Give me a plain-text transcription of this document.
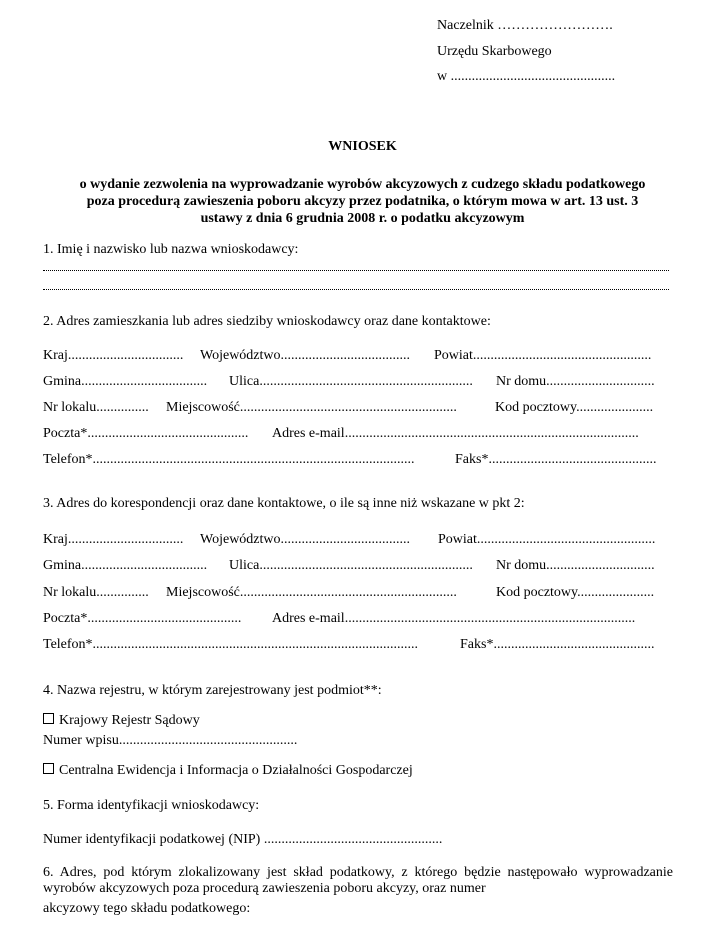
Naczelnik …………………….
Urzędu Skarbowego
w ...............................................
WNIOSEK
o wydanie zezwolenia na wyprowadzanie wyrobów akcyzowych z cudzego składu podatkowego
poza procedurą zawieszenia poboru akcyzy przez podatnika, o którym mowa w art. 13 ust. 3
ustawy z dnia 6 grudnia 2008 r. o podatku akcyzowym
1. Imię i nazwisko lub nazwa wnioskodawcy:
2. Adres zamieszkania lub adres siedziby wnioskodawcy oraz dane kontaktowe:
Kraj................................. Województwo..................................... Powiat...................................................
Gmina.................................... Ulica............................................................. Nr domu...............................
Nr lokalu............... Miejscowość..............................................................	Kod pocztowy......................
Poczta*.............................................. Adres e-mail....................................................................................
Telefon*............................................................................................	Faks*................................................
3. Adres do korespondencji oraz dane kontaktowe, o ile są inne niż wskazane w pkt 2:
Kraj................................. Województwo..................................... Powiat...................................................
Gmina.................................... Ulica............................................................. Nr domu...............................
Nr lokalu............... Miejscowość..............................................................	Kod pocztowy......................
Poczta*............................................ Adres e-mail...................................................................................
Telefon*.............................................................................................	Faks*..............................................
4. Nazwa rejestru, w którym zarejestrowany jest podmiot**:
Krajowy Rejestr Sądowy
Numer wpisu...................................................
Centralna Ewidencja i Informacja o Działalności Gospodarczej
5. Forma identyfikacji wnioskodawcy:
Numer identyfikacji podatkowej (NIP) ...................................................
6. Adres, pod którym zlokalizowany jest skład podatkowy, z którego będzie następowało wyprowadzanie wyrobów akcyzowych poza procedurą zawieszenia poboru akcyzy, oraz numer
akcyzowy tego składu podatkowego:
